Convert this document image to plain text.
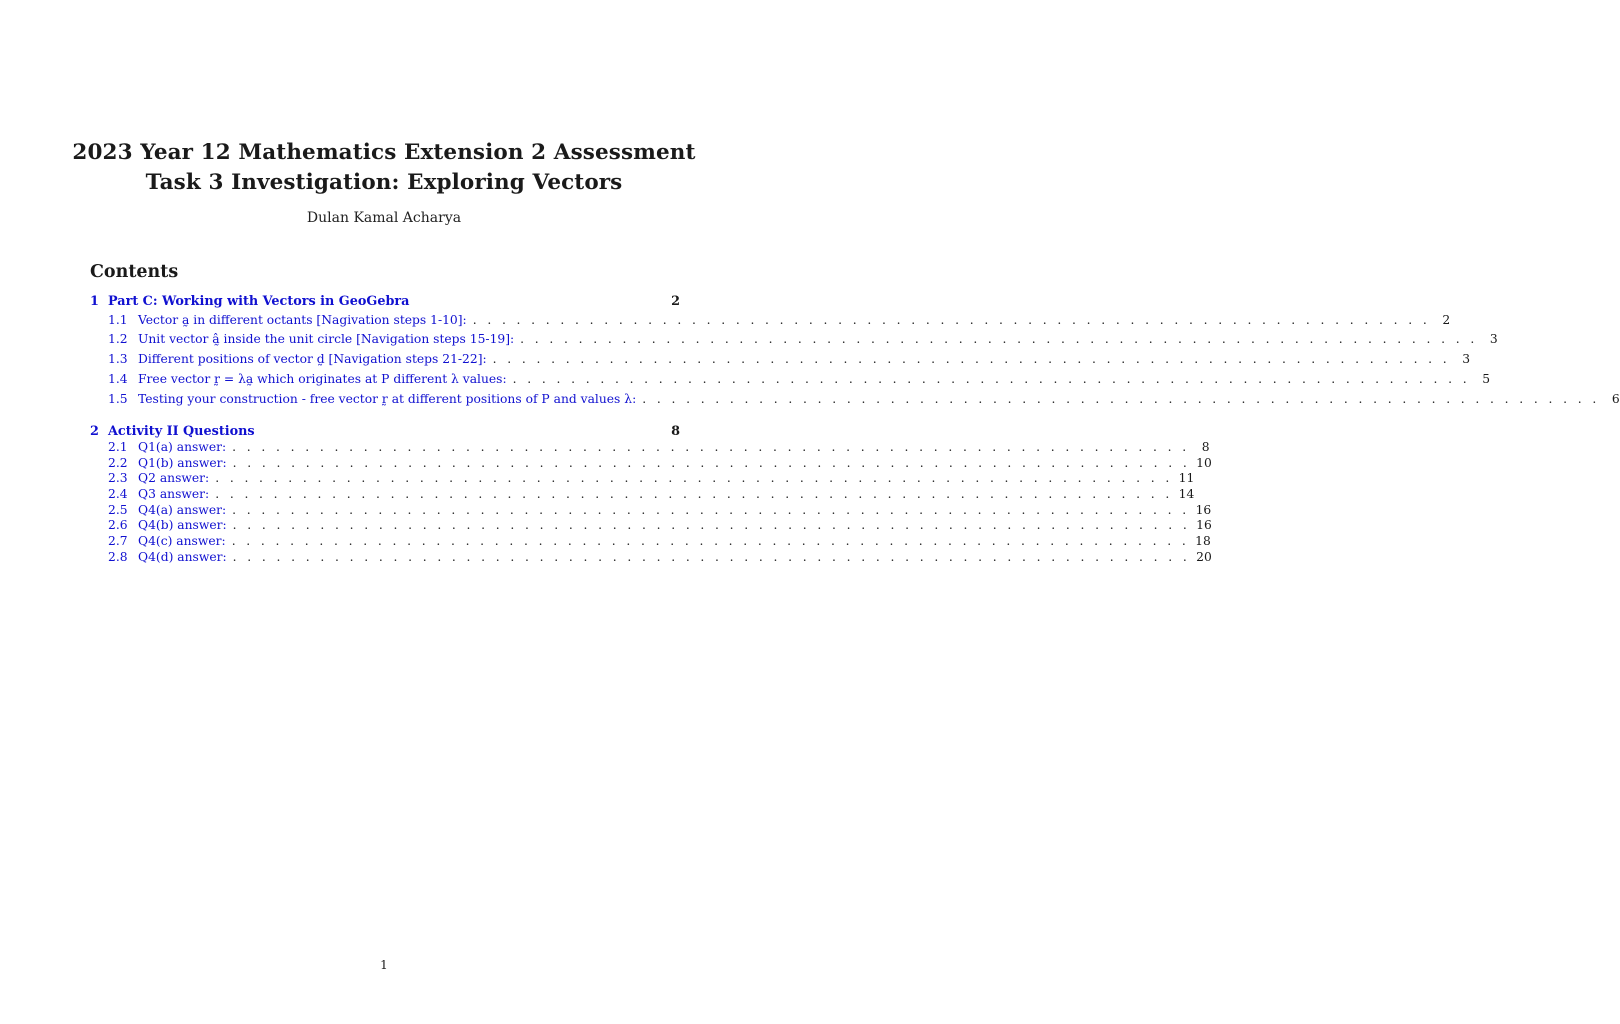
2023 Year 12 Mathematics Extension 2 Assessment
Task 3 Investigation: Exploring Vectors
Dulan Kamal Acharya
Contents
1 Part C: Working with Vectors in GeoGebra	2
1.1 Vector a̰ in different octants [Nagivation steps 1-10]: . . . . . . . . . . . . . . . . . . . . . . . . . . . . . . . . . . . . . . . . . . . . . . . . . . . . . . . . . . . . . . . . . . 2
1.2 Unit vector â̰ inside the unit circle [Navigation steps 15-19]: . . . . . . . . . . . . . . . . . . . . . . . . . . . . . . . . . . . . . . . . . . . . . . . . . . . . . . . . . . . . . . . . . . 3
1.3 Different positions of vector d̰ [Navigation steps 21-22]: . . . . . . . . . . . . . . . . . . . . . . . . . . . . . . . . . . . . . . . . . . . . . . . . . . . . . . . . . . . . . . . . . . 3
1.4 Free vector r̰ = λa̰ which originates at P different λ values: . . . . . . . . . . . . . . . . . . . . . . . . . . . . . . . . . . . . . . . . . . . . . . . . . . . . . . . . . . . . . . . . . . 5
1.5 Testing your construction - free vector r̰ at different positions of P and values λ: . . . . . . . . . . . . . . . . . . . . . . . . . . . . . . . . . . . . . . . . . . . . . . . . . . . . . . . . . . . . . . . . . . 6
2 Activity II Questions	8
2.1 Q1(a) answer: . . . . . . . . . . . . . . . . . . . . . . . . . . . . . . . . . . . . . . . . . . . . . . . . . . . . . . . . . . . . . . . . . . 8
2.2 Q1(b) answer: . . . . . . . . . . . . . . . . . . . . . . . . . . . . . . . . . . . . . . . . . . . . . . . . . . . . . . . . . . . . . . . . . . 10
2.3 Q2 answer: . . . . . . . . . . . . . . . . . . . . . . . . . . . . . . . . . . . . . . . . . . . . . . . . . . . . . . . . . . . . . . . . . . 11
2.4 Q3 answer: . . . . . . . . . . . . . . . . . . . . . . . . . . . . . . . . . . . . . . . . . . . . . . . . . . . . . . . . . . . . . . . . . . 14
2.5 Q4(a) answer: . . . . . . . . . . . . . . . . . . . . . . . . . . . . . . . . . . . . . . . . . . . . . . . . . . . . . . . . . . . . . . . . . . 16
2.6 Q4(b) answer: . . . . . . . . . . . . . . . . . . . . . . . . . . . . . . . . . . . . . . . . . . . . . . . . . . . . . . . . . . . . . . . . . . 16
2.7 Q4(c) answer: . . . . . . . . . . . . . . . . . . . . . . . . . . . . . . . . . . . . . . . . . . . . . . . . . . . . . . . . . . . . . . . . . . 18
2.8 Q4(d) answer: . . . . . . . . . . . . . . . . . . . . . . . . . . . . . . . . . . . . . . . . . . . . . . . . . . . . . . . . . . . . . . . . . . 20
1
